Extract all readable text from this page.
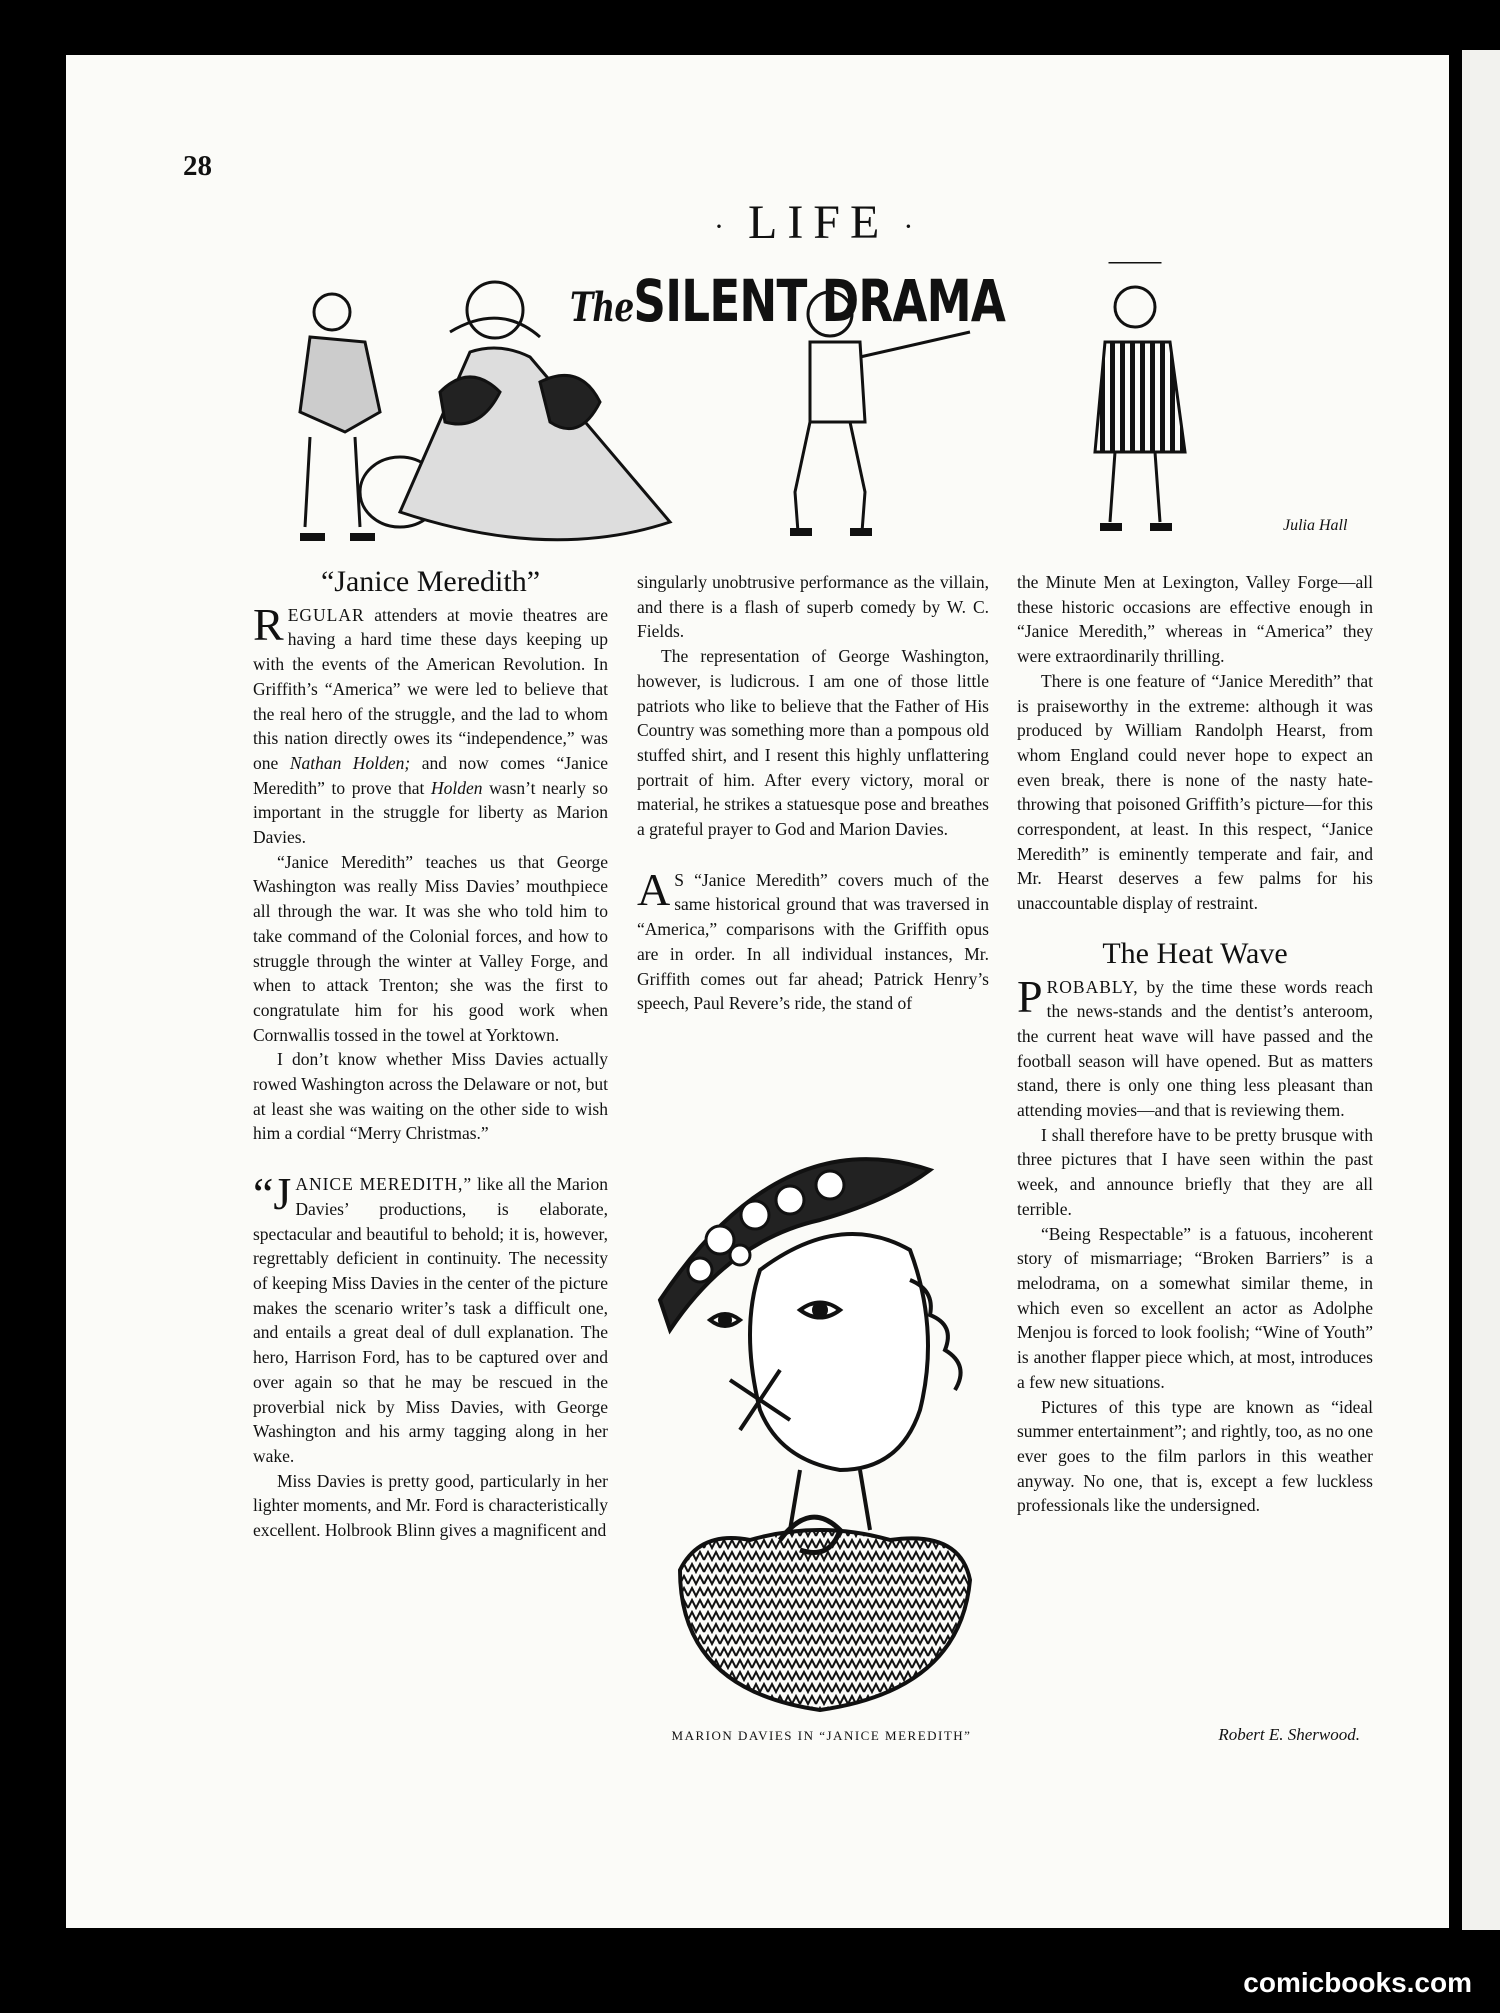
28
· LIFE ·
TheSILENT DRAMA
Julia Hall
“Janice Meredith”

REGULAR attenders at movie theatres are having a hard time these days keeping up with the events of the American Revolution. In Griffith’s “America” we were led to believe that the real hero of the struggle, and the lad to whom this nation directly owes its “independence,” was one Nathan Holden; and now comes “Janice Meredith” to prove that Holden wasn’t nearly so important in the struggle for liberty as Marion Davies.

“Janice Meredith” teaches us that George Washington was really Miss Davies’ mouthpiece all through the war. It was she who told him to take command of the Colonial forces, and how to struggle through the winter at Valley Forge, and when to attack Trenton; she was the first to congratulate him for his good work when Cornwallis tossed in the towel at Yorktown.

I don’t know whether Miss Davies actually rowed Washington across the Delaware or not, but at least she was waiting on the other side to wish him a cordial “Merry Christmas.”

“JANICE MEREDITH,” like all the Marion Davies’ productions, is elaborate, spectacular and beautiful to behold; it is, however, regrettably deficient in continuity. The necessity of keeping Miss Davies in the center of the picture makes the scenario writer’s task a difficult one, and entails a great deal of dull explanation. The hero, Harrison Ford, has to be captured over and over again so that he may be rescued in the proverbial nick by Miss Davies, with George Washington and his army tagging along in her wake.

Miss Davies is pretty good, particularly in her lighter moments, and Mr. Ford is characteristically excellent. Holbrook Blinn gives a magnificent and

singularly unobtrusive performance as the villain, and there is a flash of superb comedy by W. C. Fields.

The representation of George Washington, however, is ludicrous. I am one of those little patriots who like to believe that the Father of His Country was something more than a pompous old stuffed shirt, and I resent this highly unflattering portrait of him. After every victory, moral or material, he strikes a statuesque pose and breathes a grateful prayer to God and Marion Davies.

A S “Janice Meredith” covers much of the same historical ground that was traversed in “America,” comparisons with the Griffith opus are in order. In all individual instances, Mr. Griffith comes out far ahead; Patrick Henry’s speech, Paul Revere’s ride, the stand of

MARION DAVIES IN “JANICE MEREDITH”

the Minute Men at Lexington, Valley Forge—all these historic occasions are effective enough in “Janice Meredith,” whereas in “America” they were extraordinarily thrilling.

There is one feature of “Janice Meredith” that is praiseworthy in the extreme: although it was produced by William Randolph Hearst, from whom England could never hope to expect an even break, there is none of the nasty hate-throwing that poisoned Griffith’s picture—for this correspondent, at least. In this respect, “Janice Meredith” is eminently temperate and fair, and Mr. Hearst deserves a few palms for his unaccountable display of restraint.

The Heat Wave

PROBABLY, by the time these words reach the news-stands and the dentist’s anteroom, the current heat wave will have passed and the football season will have opened. But as matters stand, there is only one thing less pleasant than attending movies—and that is reviewing them.

I shall therefore have to be pretty brusque with three pictures that I have seen within the past week, and announce briefly that they are all terrible.

“Being Respectable” is a fatuous, incoherent story of mismarriage; “Broken Barriers” is a melodrama, on a somewhat similar theme, in which even so excellent an actor as Adolphe Menjou is forced to look foolish; “Wine of Youth” is another flapper piece which, at most, introduces a few new situations.

Pictures of this type are known as “ideal summer entertainment”; and rightly, too, as no one ever goes to the film parlors in this weather anyway. No one, that is, except a few luckless professionals like the undersigned.

Robert E. Sherwood.
comicbooks.com
